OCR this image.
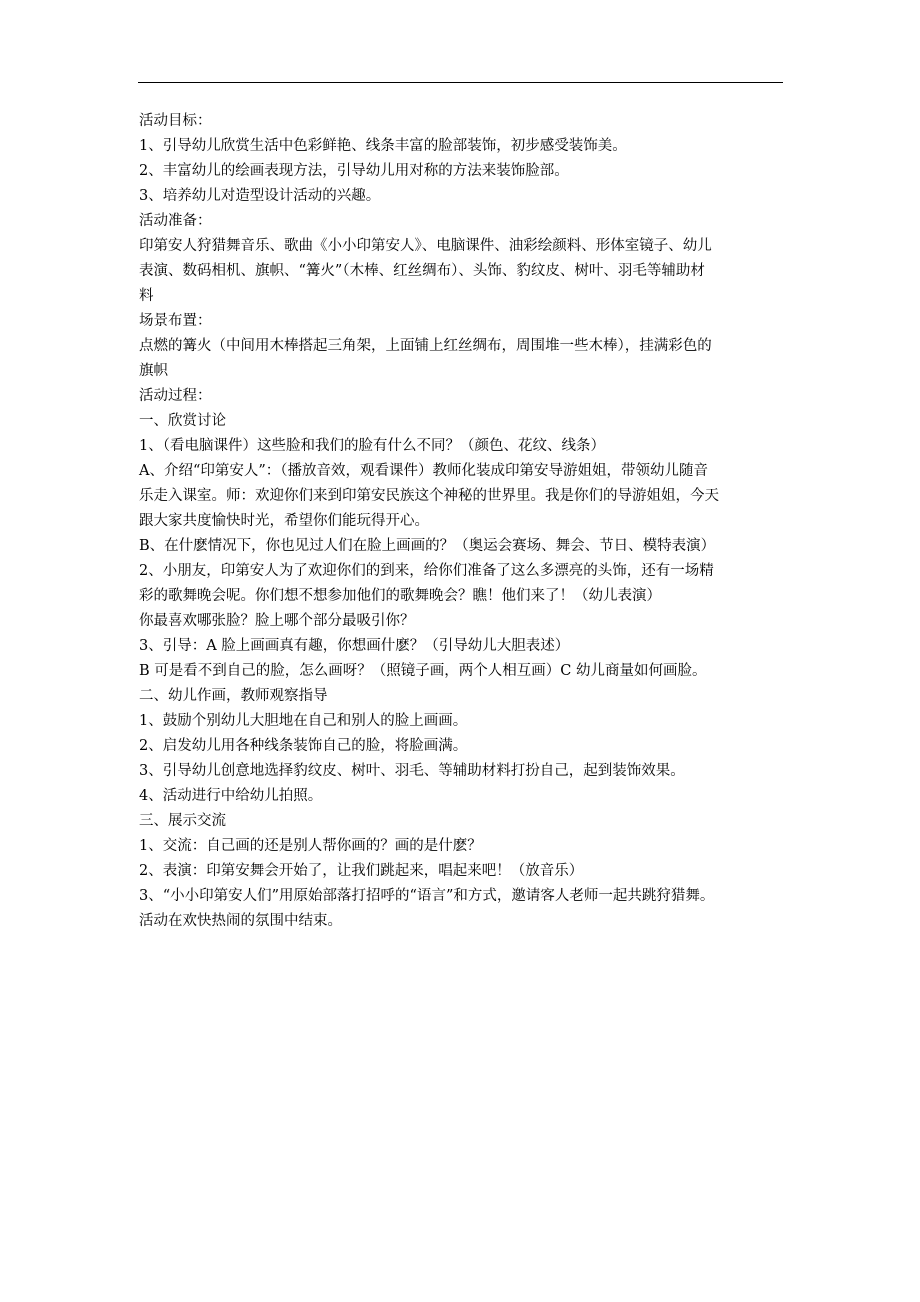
活动目标：
1、引导幼儿欣赏生活中色彩鲜艳、线条丰富的脸部装饰，初步感受装饰美。
2、丰富幼儿的绘画表现方法，引导幼儿用对称的方法来装饰脸部。
3、培养幼儿对造型设计活动的兴趣。
活动准备：
印第安人狩猎舞音乐、歌曲《小小印第安人》、电脑课件、油彩绘颜料、形体室镜子、幼儿
表演、数码相机、旗帜、“篝火”（木棒、红丝绸布）、头饰、豹纹皮、树叶、羽毛等辅助材
料
场景布置：
点燃的篝火（中间用木棒搭起三角架，上面铺上红丝绸布，周围堆一些木棒），挂满彩色的
旗帜
活动过程：
一、欣赏讨论
1、（看电脑课件）这些脸和我们的脸有什么不同？（颜色、花纹、线条）
A、介绍“印第安人”：（播放音效，观看课件）教师化装成印第安导游姐姐，带领幼儿随音
乐走入课室。师：欢迎你们来到印第安民族这个神秘的世界里。我是你们的导游姐姐，今天
跟大家共度愉快时光，希望你们能玩得开心。
B、在什麽情况下，你也见过人们在脸上画画的？（奥运会赛场、舞会、节日、模特表演）
2、小朋友，印第安人为了欢迎你们的到来，给你们准备了这么多漂亮的头饰，还有一场精
彩的歌舞晚会呢。你们想不想参加他们的歌舞晚会？瞧！他们来了！（幼儿表演）
你最喜欢哪张脸？脸上哪个部分最吸引你？
3、引导：A 脸上画画真有趣，你想画什麽？（引导幼儿大胆表述）
B 可是看不到自己的脸，怎么画呀？（照镜子画，两个人相互画）C 幼儿商量如何画脸。
二、幼儿作画，教师观察指导
1、鼓励个别幼儿大胆地在自己和别人的脸上画画。
2、启发幼儿用各种线条装饰自己的脸，将脸画满。
3、引导幼儿创意地选择豹纹皮、树叶、羽毛、等辅助材料打扮自己，起到装饰效果。
4、活动进行中给幼儿拍照。
三、展示交流
1、交流：自己画的还是别人帮你画的？画的是什麽？
2、表演：印第安舞会开始了，让我们跳起来，唱起来吧！（放音乐）
3、“小小印第安人们”用原始部落打招呼的“语言”和方式，邀请客人老师一起共跳狩猎舞。
活动在欢快热闹的氛围中结束。
